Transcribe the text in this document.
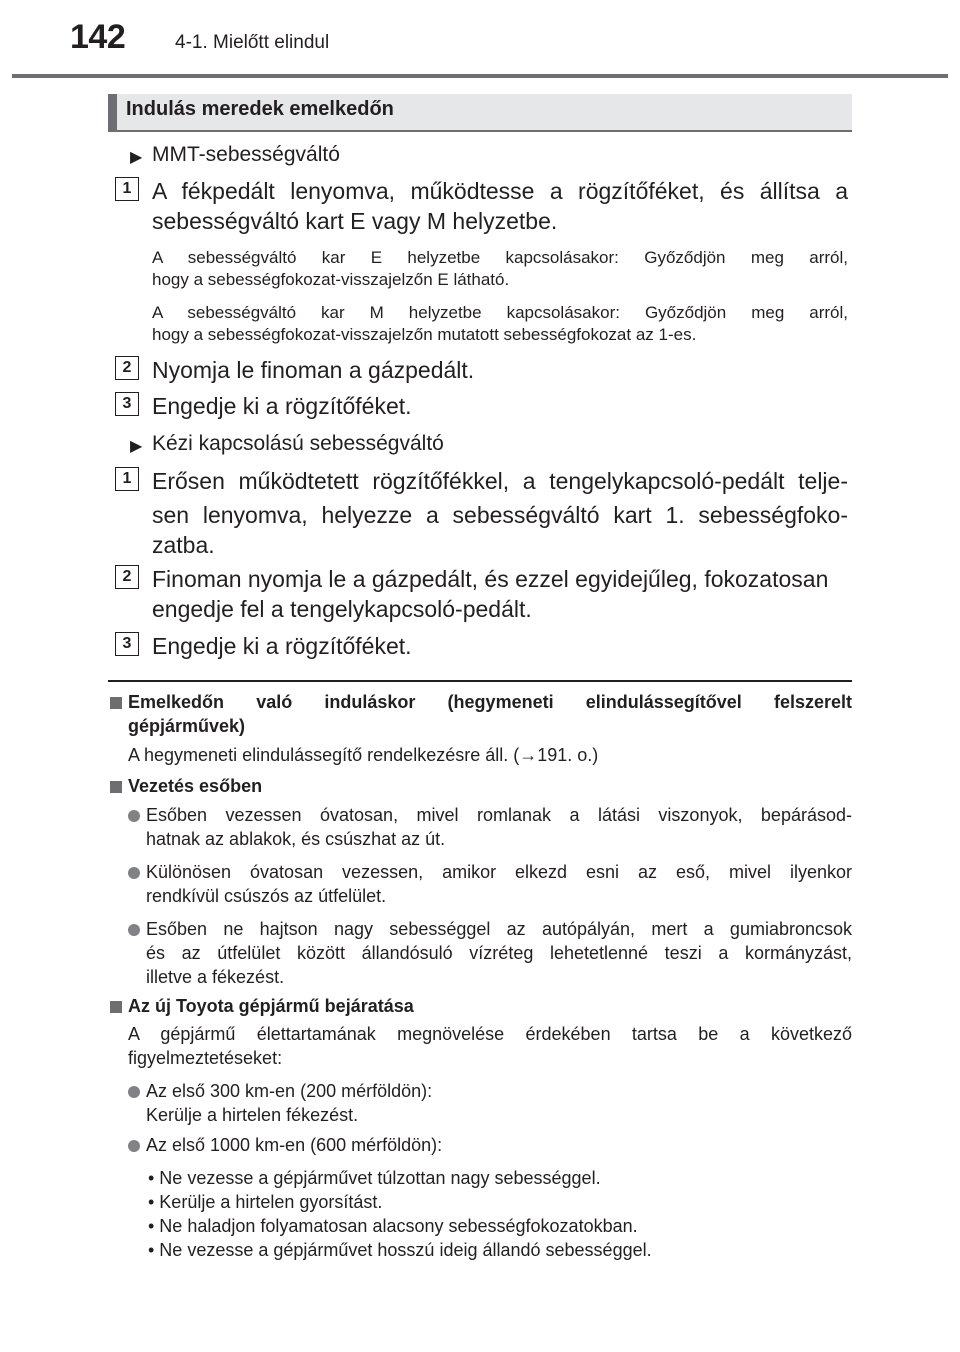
142	4-1. Mielőtt elindul
Indulás meredek emelkedőn
▶ MMT-sebességváltó
1 A fékpedált lenyomva, működtesse a rögzítőféket, és állítsa a
sebességváltó kart E vagy M helyzetbe.
A sebességváltó kar E helyzetbe kapcsolásakor: Győződjön meg arról,
hogy a sebességfokozat-visszajelzőn E látható.
A sebességváltó kar M helyzetbe kapcsolásakor: Győződjön meg arról,
hogy a sebességfokozat-visszajelzőn mutatott sebességfokozat az 1-es.
2 Nyomja le finoman a gázpedált.
3 Engedje ki a rögzítőféket.
▶ Kézi kapcsolású sebességváltó
1 Erősen működtetett rögzítőfékkel, a tengelykapcsoló-pedált telje-
sen lenyomva, helyezze a sebességváltó kart 1. sebességfoko-
zatba.
2 Finoman nyomja le a gázpedált, és ezzel egyidejűleg, fokozatosan
engedje fel a tengelykapcsoló-pedált.
3 Engedje ki a rögzítőféket.
Emelkedőn való induláskor (hegymeneti elindulássegítővel felszerelt
gépjárművek)
A hegymeneti elindulássegítő rendelkezésre áll. (→191. o.)
Vezetés esőben
Esőben vezessen óvatosan, mivel romlanak a látási viszonyok, bepárásod-
hatnak az ablakok, és csúszhat az út.
Különösen óvatosan vezessen, amikor elkezd esni az eső, mivel ilyenkor
rendkívül csúszós az útfelület.
Esőben ne hajtson nagy sebességgel az autópályán, mert a gumiabroncsok
és az útfelület között állandósuló vízréteg lehetetlenné teszi a kormányzást,
illetve a fékezést.
Az új Toyota gépjármű bejáratása
A gépjármű élettartamának megnövelése érdekében tartsa be a következő
figyelmeztetéseket:
Az első 300 km-en (200 mérföldön):
Kerülje a hirtelen fékezést.
Az első 1000 km-en (600 mérföldön):
• Ne vezesse a gépjárművet túlzottan nagy sebességgel.
• Kerülje a hirtelen gyorsítást.
• Ne haladjon folyamatosan alacsony sebességfokozatokban.
• Ne vezesse a gépjárművet hosszú ideig állandó sebességgel.
